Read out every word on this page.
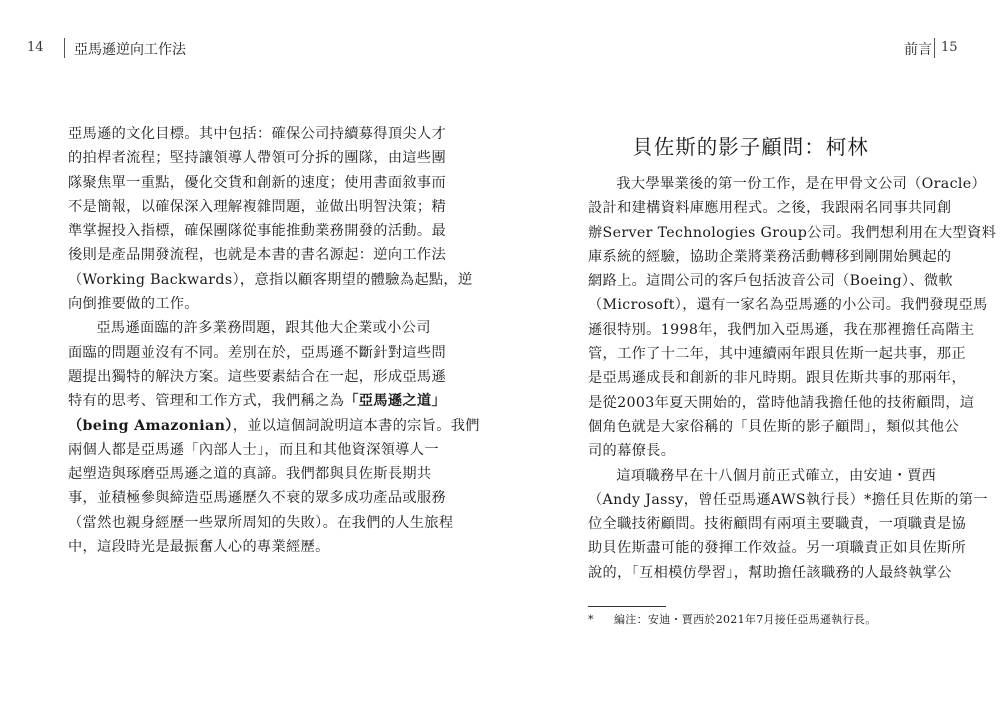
14 亞馬遜逆向工作法
亞馬遜的文化目標。其中包括：確保公司持續募得頂尖人才
的拍桿者流程；堅持讓領導人帶領可分拆的團隊，由這些團
隊聚焦單一重點，優化交貨和創新的速度；使用書面敘事而
不是簡報，以確保深入理解複雜問題，並做出明智決策；精
準掌握投入指標，確保團隊從事能推動業務開發的活動。最
後則是產品開發流程，也就是本書的書名源起：逆向工作法
（Working Backwards），意指以顧客期望的體驗為起點，逆
向倒推要做的工作。
亞馬遜面臨的許多業務問題，跟其他大企業或小公司
面臨的問題並沒有不同。差別在於，亞馬遜不斷針對這些問
題提出獨特的解決方案。這些要素結合在一起，形成亞馬遜
特有的思考、管理和工作方式，我們稱之為「亞馬遜之道」
（being Amazonian），並以這個詞說明這本書的宗旨。我們
兩個人都是亞馬遜「內部人士」，而且和其他資深領導人一
起塑造與琢磨亞馬遜之道的真諦。我們都與貝佐斯長期共
事，並積極參與締造亞馬遜歷久不衰的眾多成功產品或服務
（當然也親身經歷一些眾所周知的失敗）。在我們的人生旅程
中，這段時光是最振奮人心的專業經歷。
前言 15
貝佐斯的影子顧問：柯林
我大學畢業後的第一份工作，是在甲骨文公司（Oracle）
設計和建構資料庫應用程式。之後，我跟兩名同事共同創
辦Server Technologies Group公司。我們想利用在大型資料
庫系統的經驗，協助企業將業務活動轉移到剛開始興起的
網路上。這間公司的客戶包括波音公司（Boeing）、微軟
（Microsoft），還有一家名為亞馬遜的小公司。我們發現亞馬
遜很特別。1998年，我們加入亞馬遜，我在那裡擔任高階主
管，工作了十二年，其中連續兩年跟貝佐斯一起共事，那正
是亞馬遜成長和創新的非凡時期。跟貝佐斯共事的那兩年，
是從2003年夏天開始的，當時他請我擔任他的技術顧問，這
個角色就是大家俗稱的「貝佐斯的影子顧問」，類似其他公
司的幕僚長。
這項職務早在十八個月前正式確立，由安迪・賈西
（Andy Jassy，曾任亞馬遜AWS執行長）*擔任貝佐斯的第一
位全職技術顧問。技術顧問有兩項主要職責，一項職責是協
助貝佐斯盡可能的發揮工作效益。另一項職責正如貝佐斯所
說的，「互相模仿學習」，幫助擔任該職務的人最終執掌公
* 編注：安迪・賈西於2021年7月接任亞馬遜執行長。
